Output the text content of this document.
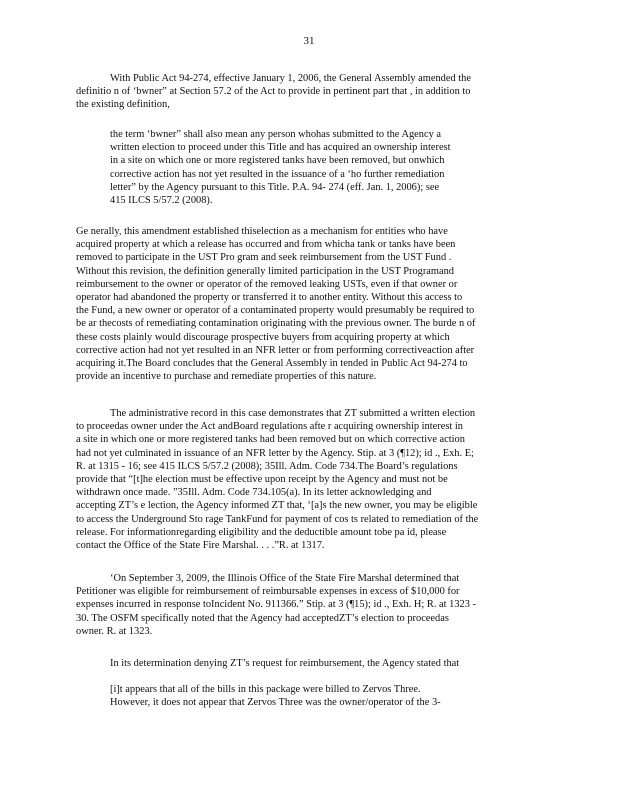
31
With Public Act 94-274, effective January 1, 2006, the General Assembly amended the
definitio n of ‘bwner” at Section 57.2 of the Act to provide in pertinent part that , in addition to
the existing definition,
the term ‘bwner” shall also mean any person whohas submitted to the Agency a
written election to proceed under this Title and has acquired an ownership interest
in a site on which one or more registered tanks have been removed, but onwhich
corrective action has not yet resulted in the issuance of a ‘ho further remediation
letter” by the Agency pursuant to this Title. P.A. 94- 274 (eff. Jan. 1, 2006); see
415 ILCS 5/57.2 (2008).
Ge nerally, this amendment established thiselection as a mechanism for entities who have
acquired property at which a release has occurred and from whicha tank or tanks have been
removed to participate in the UST Pro gram and seek reimbursement from the UST Fund .
Without this revision, the definition generally limited participation in the UST Programand
reimbursement to the owner or operator of the removed leaking USTs, even if that owner or
operator had abandoned the property or transferred it to another entity. Without this access to
the Fund, a new owner or operator of a contaminated property would presumably be required to
be ar thecosts of remediating contamination originating with the previous owner. The burde n of
these costs plainly would discourage prospective buyers from acquiring property at which
corrective action had not yet resulted in an NFR letter or from performing correctiveaction after
acquiring it.The Board concludes that the General Assembly in tended in Public Act 94-274 to
provide an incentive to purchase and remediate properties of this nature.
The administrative record in this case demonstrates that ZT submitted a written election
to proceedas owner under the Act andBoard regulations afte r acquiring ownership interest in
a site in which one or more registered tanks had been removed but on which corrective action
had not yet culminated in issuance of an NFR letter by the Agency. Stip. at 3 (¶12); id ., Exh. E;
R. at 1315 - 16; see 415 ILCS 5/57.2 (2008); 35Ill. Adm. Code 734.The Board’s regulations
provide that “[t]he election must be effective upon receipt by the Agency and must not be
withdrawn once made. ”35Ill. Adm. Code 734.105(a). In its letter acknowledging and
accepting ZT’s e lection, the Agency informed ZT that, ‘[a]s the new owner, you may be eligible
to access the Underground Sto rage TankFund for payment of cos ts related to remediation of the
release. For informationregarding eligibility and the deductible amount tobe pa id, please
contact the Office of the State Fire Marshal. . . .”R. at 1317.
‘On September 3, 2009, the Illinois Office of the State Fire Marshal determined that
Petitioner was eligible for reimbursement of reimbursable expenses in excess of $10,000 for
expenses incurred in response toIncident No. 911366.” Stip. at 3 (¶15); id ., Exh. H; R. at 1323 -
30. The OSFM specifically noted that the Agency had acceptedZT’s election to proceedas
owner. R. at 1323.
In its determination denying ZT’s request for reimbursement, the Agency stated that
[i]t appears that all of the bills in this package were billed to Zervos Three.
However, it does not appear that Zervos Three was the owner/operator of the 3-
